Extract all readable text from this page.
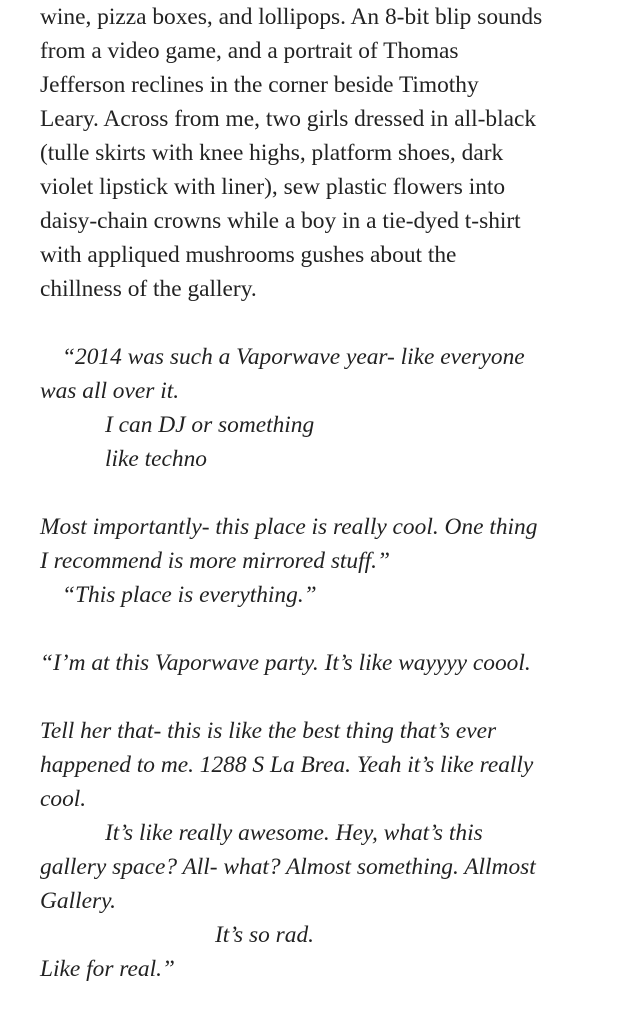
wine, pizza boxes, and lollipops. An 8-bit blip sounds
from a video game, and a portrait of Thomas
Jefferson reclines in the corner beside Timothy
Leary. Across from me, two girls dressed in all-black
(tulle skirts with knee highs, platform shoes, dark
violet lipstick with liner), sew plastic flowers into
daisy-chain crowns while a boy in a tie-dyed t-shirt
with appliqued mushrooms gushes about the
chillness of the gallery.
“2014 was such a Vaporwave year- like everyone
was all over it.
I can DJ or something
like techno
Most importantly- this place is really cool. One thing
I recommend is more mirrored stuff.”
“This place is everything.”
“I’m at this Vaporwave party. It’s like wayyyy coool.
Tell her that- this is like the best thing that’s ever
happened to me. 1288 S La Brea. Yeah it’s like really
cool.
It’s like really awesome. Hey, what’s this
gallery space? All- what? Almost something. Allmost
Gallery.
It’s so rad.
Like for real.”
